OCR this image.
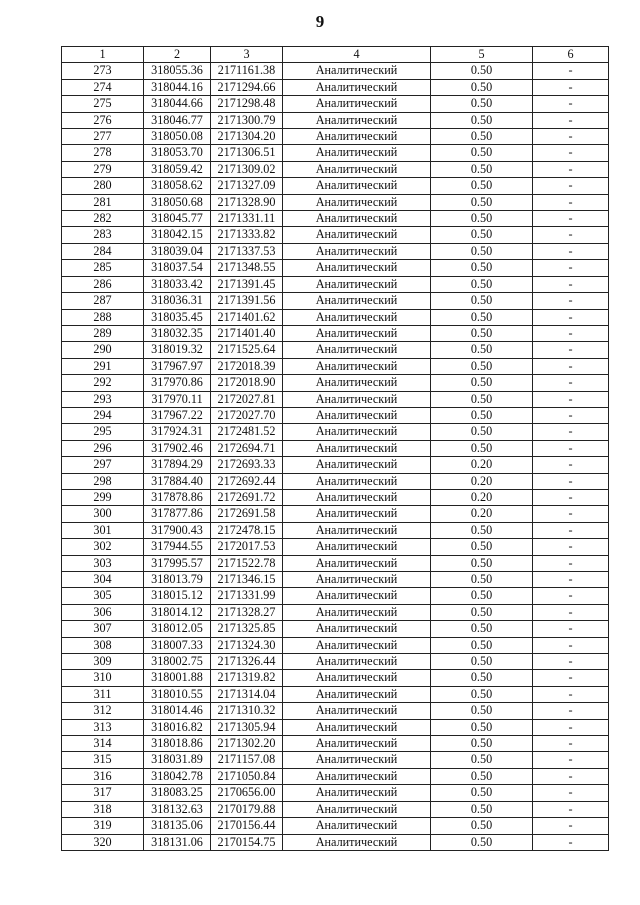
9
1	2	3	4	5	6
273	318055.36	2171161.38	Аналитический	0.50	-
274	318044.16	2171294.66	Аналитический	0.50	-
275	318044.66	2171298.48	Аналитический	0.50	-
276	318046.77	2171300.79	Аналитический	0.50	-
277	318050.08	2171304.20	Аналитический	0.50	-
278	318053.70	2171306.51	Аналитический	0.50	-
279	318059.42	2171309.02	Аналитический	0.50	-
280	318058.62	2171327.09	Аналитический	0.50	-
281	318050.68	2171328.90	Аналитический	0.50	-
282	318045.77	2171331.11	Аналитический	0.50	-
283	318042.15	2171333.82	Аналитический	0.50	-
284	318039.04	2171337.53	Аналитический	0.50	-
285	318037.54	2171348.55	Аналитический	0.50	-
286	318033.42	2171391.45	Аналитический	0.50	-
287	318036.31	2171391.56	Аналитический	0.50	-
288	318035.45	2171401.62	Аналитический	0.50	-
289	318032.35	2171401.40	Аналитический	0.50	-
290	318019.32	2171525.64	Аналитический	0.50	-
291	317967.97	2172018.39	Аналитический	0.50	-
292	317970.86	2172018.90	Аналитический	0.50	-
293	317970.11	2172027.81	Аналитический	0.50	-
294	317967.22	2172027.70	Аналитический	0.50	-
295	317924.31	2172481.52	Аналитический	0.50	-
296	317902.46	2172694.71	Аналитический	0.50	-
297	317894.29	2172693.33	Аналитический	0.20	-
298	317884.40	2172692.44	Аналитический	0.20	-
299	317878.86	2172691.72	Аналитический	0.20	-
300	317877.86	2172691.58	Аналитический	0.20	-
301	317900.43	2172478.15	Аналитический	0.50	-
302	317944.55	2172017.53	Аналитический	0.50	-
303	317995.57	2171522.78	Аналитический	0.50	-
304	318013.79	2171346.15	Аналитический	0.50	-
305	318015.12	2171331.99	Аналитический	0.50	-
306	318014.12	2171328.27	Аналитический	0.50	-
307	318012.05	2171325.85	Аналитический	0.50	-
308	318007.33	2171324.30	Аналитический	0.50	-
309	318002.75	2171326.44	Аналитический	0.50	-
310	318001.88	2171319.82	Аналитический	0.50	-
311	318010.55	2171314.04	Аналитический	0.50	-
312	318014.46	2171310.32	Аналитический	0.50	-
313	318016.82	2171305.94	Аналитический	0.50	-
314	318018.86	2171302.20	Аналитический	0.50	-
315	318031.89	2171157.08	Аналитический	0.50	-
316	318042.78	2171050.84	Аналитический	0.50	-
317	318083.25	2170656.00	Аналитический	0.50	-
318	318132.63	2170179.88	Аналитический	0.50	-
319	318135.06	2170156.44	Аналитический	0.50	-
320	318131.06	2170154.75	Аналитический	0.50	-
